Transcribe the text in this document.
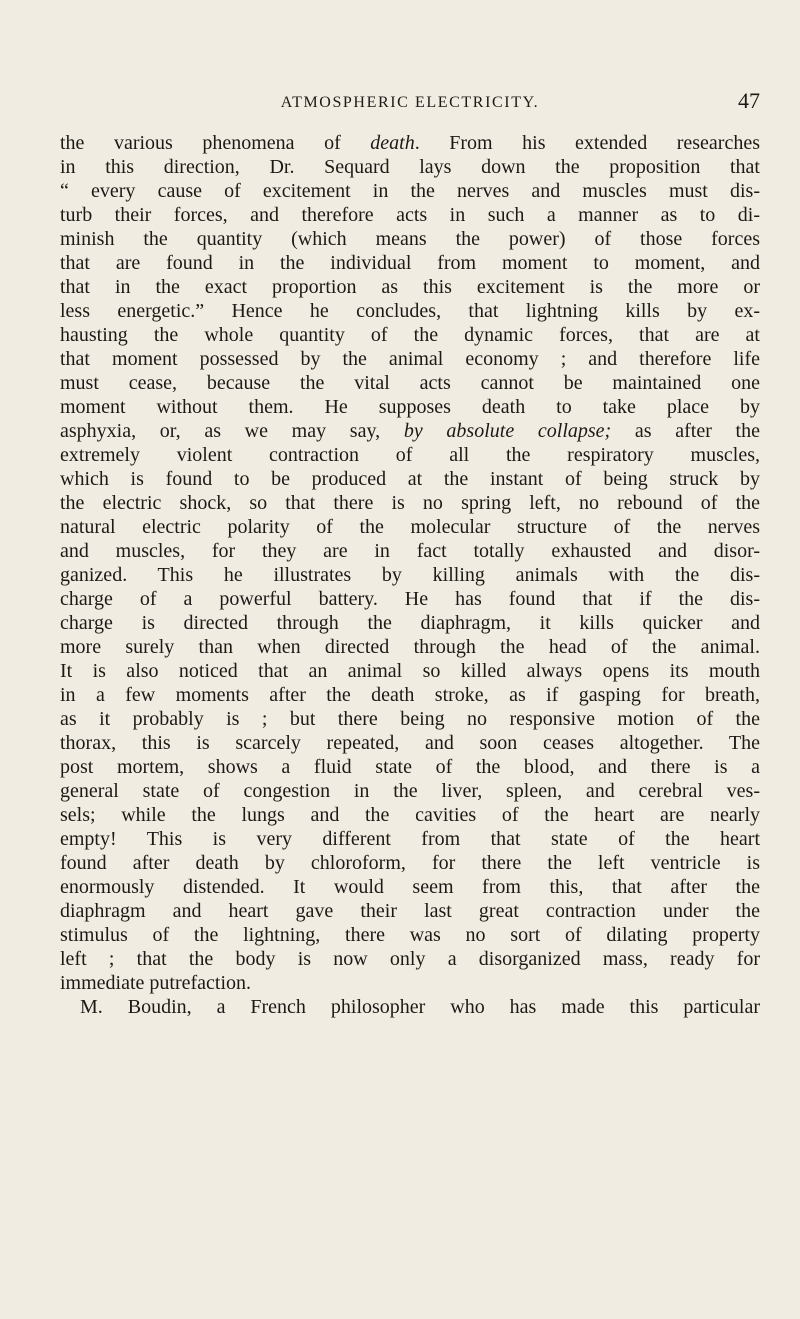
ATMOSPHERIC ELECTRICITY.	47
the various phenomena of death. From his extended researches
in this direction, Dr. Sequard lays down the proposition that
“ every cause of excitement in the nerves and muscles must dis-
turb their forces, and therefore acts in such a manner as to di-
minish the quantity (which means the power) of those forces
that are found in the individual from moment to moment, and
that in the exact proportion as this excitement is the more or
less energetic.” Hence he concludes, that lightning kills by ex-
hausting the whole quantity of the dynamic forces, that are at
that moment possessed by the animal economy ; and therefore life
must cease, because the vital acts cannot be maintained one
moment without them. He supposes death to take place by
asphyxia, or, as we may say, by absolute collapse; as after the
extremely violent contraction of all the respiratory muscles,
which is found to be produced at the instant of being struck by
the electric shock, so that there is no spring left, no rebound of the
natural electric polarity of the molecular structure of the nerves
and muscles, for they are in fact totally exhausted and disor-
ganized. This he illustrates by killing animals with the dis-
charge of a powerful battery. He has found that if the dis-
charge is directed through the diaphragm, it kills quicker and
more surely than when directed through the head of the animal.
It is also noticed that an animal so killed always opens its mouth
in a few moments after the death stroke, as if gasping for breath,
as it probably is ; but there being no responsive motion of the
thorax, this is scarcely repeated, and soon ceases altogether. The
post mortem, shows a fluid state of the blood, and there is a
general state of congestion in the liver, spleen, and cerebral ves-
sels; while the lungs and the cavities of the heart are nearly
empty! This is very different from that state of the heart
found after death by chloroform, for there the left ventricle is
enormously distended. It would seem from this, that after the
diaphragm and heart gave their last great contraction under the
stimulus of the lightning, there was no sort of dilating property
left ; that the body is now only a disorganized mass, ready for
immediate putrefaction.
M. Boudin, a French philosopher who has made this particular
